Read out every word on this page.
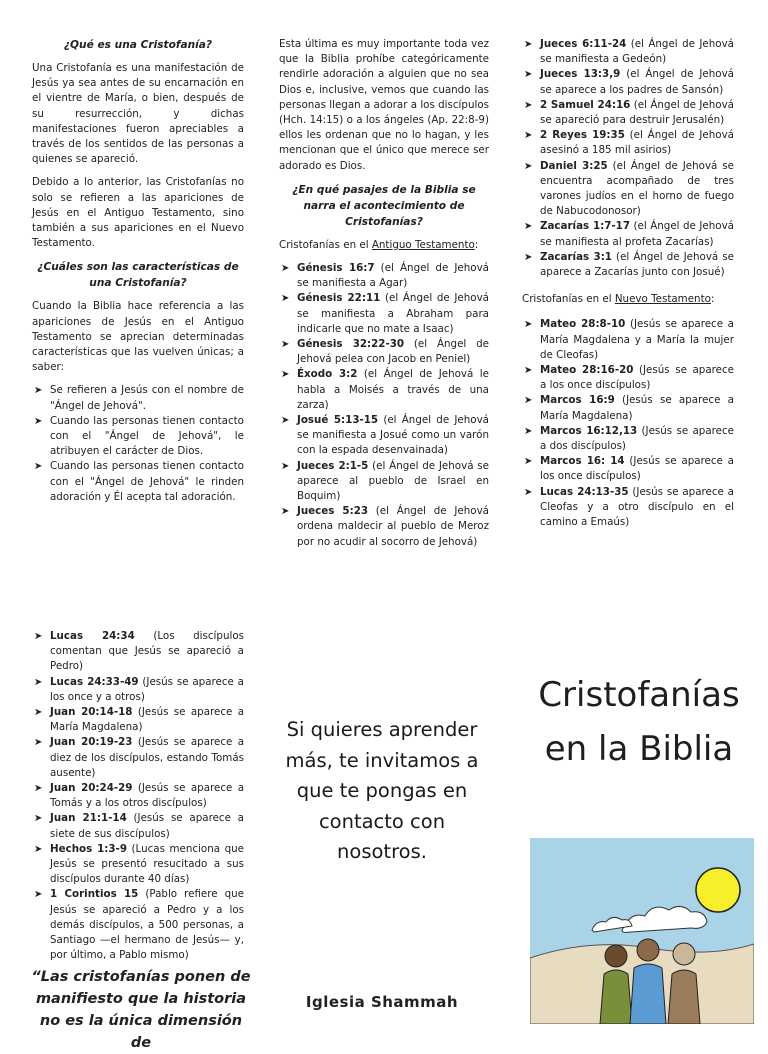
¿Qué es una Cristofanía?

Una Cristofanía es una manifestación de Jesús ya sea antes de su encarnación en el vientre de María, o bien, después de su resurrección, y dichas manifestaciones fueron apreciables a través de los sentidos de las personas a quienes se apareció.

Debido a lo anterior, las Cristofanías no solo se refieren a las apariciones de Jesús en el Antiguo Testamento, sino también a sus apariciones en el Nuevo Testamento.

¿Cuáles son las características de una Cristofanía?

Cuando la Biblia hace referencia a las apariciones de Jesús en el Antiguo Testamento se aprecian determinadas características que las vuelven únicas; a saber:

➤ Se refieren a Jesús con el nombre de "Ángel de Jehová".
➤ Cuando las personas tienen contacto con el "Ángel de Jehová", le atribuyen el carácter de Dios.
➤ Cuando las personas tienen contacto con el "Ángel de Jehová" le rinden adoración y Él acepta tal adoración.

Esta última es muy importante toda vez que la Biblia prohíbe categóricamente rendirle adoración a alguien que no sea Dios e, inclusive, vemos que cuando las personas llegan a adorar a los discípulos (Hch. 14:15) o a los ángeles (Ap. 22:8-9) ellos les ordenan que no lo hagan, y les mencionan que el único que merece ser adorado es Dios.

¿En qué pasajes de la Biblia se narra el acontecimiento de Cristofanías?

Cristofanías en el Antiguo Testamento:

➤ Génesis 16:7 (el Ángel de Jehová se manifiesta a Agar)
➤ Génesis 22:11 (el Ángel de Jehová se manifiesta a Abraham para indicarle que no mate a Isaac)
➤ Génesis 32:22-30 (el Ángel de Jehová pelea con Jacob en Peniel)
➤ Éxodo 3:2 (el Ángel de Jehová le habla a Moisés a través de una zarza)
➤ Josué 5:13-15 (el Ángel de Jehová se manifiesta a Josué como un varón con la espada desenvainada)
➤ Jueces 2:1-5 (el Ángel de Jehová se aparece al pueblo de Israel en Boquim)
➤ Jueces 5:23 (el Ángel de Jehová ordena maldecir al pueblo de Meroz por no acudir al socorro de Jehová)
➤ Jueces 6:11-24 (el Ángel de Jehová se manifiesta a Gedeón)
➤ Jueces 13:3,9 (el Ángel de Jehová se aparece a los padres de Sansón)
➤ 2 Samuel 24:16 (el Ángel de Jehová se apareció para destruir Jerusalén)
➤ 2 Reyes 19:35 (el Ángel de Jehová asesinó a 185 mil asirios)
➤ Daniel 3:25 (el Ángel de Jehová se encuentra acompañado de tres varones judíos en el horno de fuego de Nabucodonosor)
➤ Zacarías 1:7-17 (el Ángel de Jehová se manifiesta al profeta Zacarías)
➤ Zacarías 3:1 (el Ángel de Jehová se aparece a Zacarías junto con Josué)

Cristofanías en el Nuevo Testamento:

➤ Mateo 28:8-10 (Jesús se aparece a María Magdalena y a María la mujer de Cleofas)
➤ Mateo 28:16-20 (Jesús se aparece a los once discípulos)
➤ Marcos 16:9 (Jesús se aparece a María Magdalena)
➤ Marcos 16:12,13 (Jesús se aparece a dos discípulos)
➤ Marcos 16: 14 (Jesús se aparece a los once discípulos)
➤ Lucas 24:13-35 (Jesús se aparece a Cleofas y a otro discípulo en el camino a Emaús)
➤ Lucas 24:34 (Los discípulos comentan que Jesús se apareció a Pedro)
➤ Lucas 24:33-49 (Jesús se aparece a los once y a otros)
➤ Juan 20:14-18 (Jesús se aparece a María Magdalena)
➤ Juan 20:19-23 (Jesús se aparece a diez de los discípulos, estando Tomás ausente)
➤ Juan 20:24-29 (Jesús se aparece a Tomás y a los otros discípulos)
➤ Juan 21:1-14 (Jesús se aparece a siete de sus discípulos)
➤ Hechos 1:3-9 (Lucas menciona que Jesús se presentó resucitado a sus discípulos durante 40 días)
➤ 1 Corintios 15 (Pablo refiere que Jesús se apareció a Pedro y a los demás discípulos, a 500 personas, a Santiago —el hermano de Jesús— y, por último, a Pablo mismo)
“Las cristofanías ponen de manifiesto que la historia no es la única dimensión de
Si quieres aprender más, te invitamos a que te pongas en contacto con nosotros.
Iglesia Shammah
Cristofanías en la Biblia
